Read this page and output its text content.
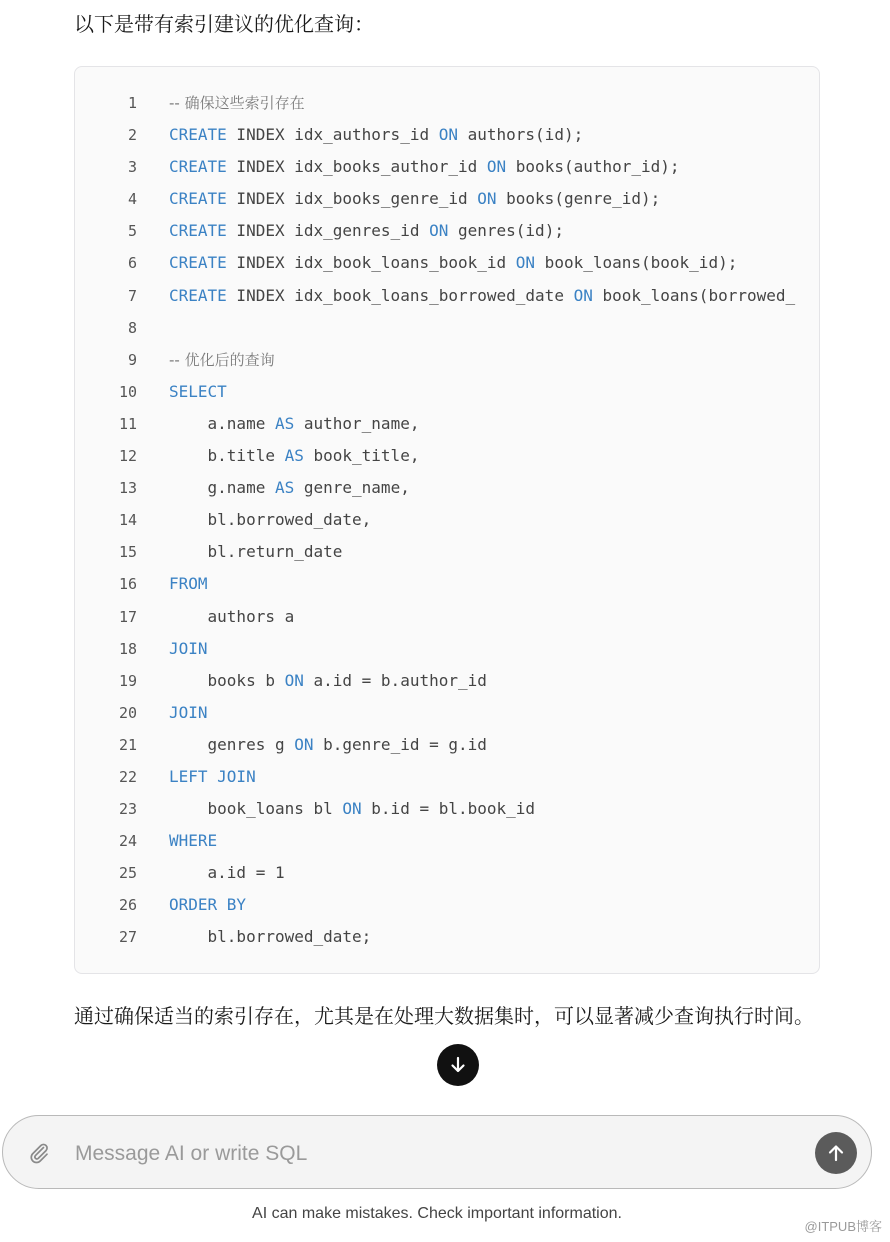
以下是带有索引建议的优化查询：
1 -- 确保这些索引存在
2 CREATE INDEX idx_authors_id ON authors(id);
3 CREATE INDEX idx_books_author_id ON books(author_id);
4 CREATE INDEX idx_books_genre_id ON books(genre_id);
5 CREATE INDEX idx_genres_id ON genres(id);
6 CREATE INDEX idx_book_loans_book_id ON book_loans(book_id);
7 CREATE INDEX idx_book_loans_borrowed_date ON book_loans(borrowed_
8
9 -- 优化后的查询
10 SELECT
11 a.name AS author_name,
12 b.title AS book_title,
13 g.name AS genre_name,
14 bl.borrowed_date,
15 bl.return_date
16 FROM
17 authors a
18 JOIN
19 books b ON a.id = b.author_id
20 JOIN
21 genres g ON b.genre_id = g.id
22 LEFT JOIN
23 book_loans bl ON b.id = bl.book_id
24 WHERE
25 a.id = 1
26 ORDER BY
27 bl.borrowed_date;
通过确保适当的索引存在，尤其是在处理大数据集时，可以显著减少查询执行时间。
Message AI or write SQL
AI can make mistakes. Check important information.
@ITPUB博客
